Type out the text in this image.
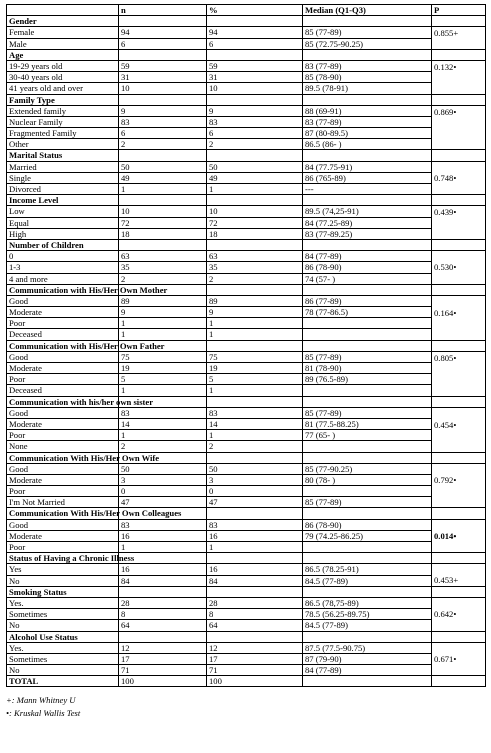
	n	%	Median (Q1-Q3)	P
Gender				
Female	94	94	85 (77-89)	0.855+

Male	6	6	85 (72.75-90.25)	
Age				
19-29 years old	59	59	83 (77-89)	0.132•

30-40 years old	31	31	85 (78-90)	
41 years old and over	10	10	89.5 (78-91)	
Family Type				
Extended family	9	9	88 (69-91)	0.869•

Nuclear Family	83	83	83 (77-89)	
Fragmented Family	6	6	87 (80-89.5)	
Other	2	2	86.5 (86- )	
Marital Status				
Married	50	50	84 (77.75-91)	0.748•

Single	49	49	86 (765-89)	
Divorced	1	1	---	
Income Level				
Low	10	10	89.5 (74,25-91)	0.439•

Equal	72	72	84 (77.25-89)	
High	18	18	83 (77-89.25)	
Number of Children				
0	63	63	84 (77-89)	0.530•

1-3	35	35	86 (78-90)	
4 and more	2	2	74 (57- )	
Communication with His/Her Own Mother				
Good	89	89	86 (77-89)	0.164•

Moderate	9	9	78 (77-86.5)	
Poor	1	1		
Deceased	1	1		
Communication with His/Her Own Father				
Good	75	75	85 (77-89)	0.805•

Moderate	19	19	81 (78-90)	
Poor	5	5	89 (76.5-89)	
Deceased	1	1		
Communication with his/her own sister				
Good	83	83	85 (77-89)	0.454•

Moderate	14	14	81 (77.5-88.25)	
Poor	1	1	77 (65- )	
None	2	2		
Communication With His/Her Own Wife				
Good	50	50	85 (77-90.25)	0.792•

Moderate	3	3	80 (78- )	
Poor	0	0		
I'm Not Married	47	47	85 (77-89)	
Communication With His/Her Own Colleagues				
Good	83	83	86 (78-90)	0.014•

Moderate	16	16	79 (74.25-86.25)	
Poor	1	1		
Status of Having a Chronic Illness				
Yes	16	16	86.5 (78.25-91)	0.453+

No	84	84	84.5 (77-89)	
Smoking Status				
Yes.	28	28	86.5 (78,75-89)	0.642•

Sometimes	8	8	78.5 (56.25-89.75)	
No	64	64	84.5 (77-89)	
Alcohol Use Status				
Yes.	12	12	87.5 (77.5-90.75)	0.671•

Sometimes	17	17	87 (79-90)	
No	71	71	84 (77-89)	
TOTAL	100	100		
+: Mann Whitney U
•: Kruskal Wallis Test
